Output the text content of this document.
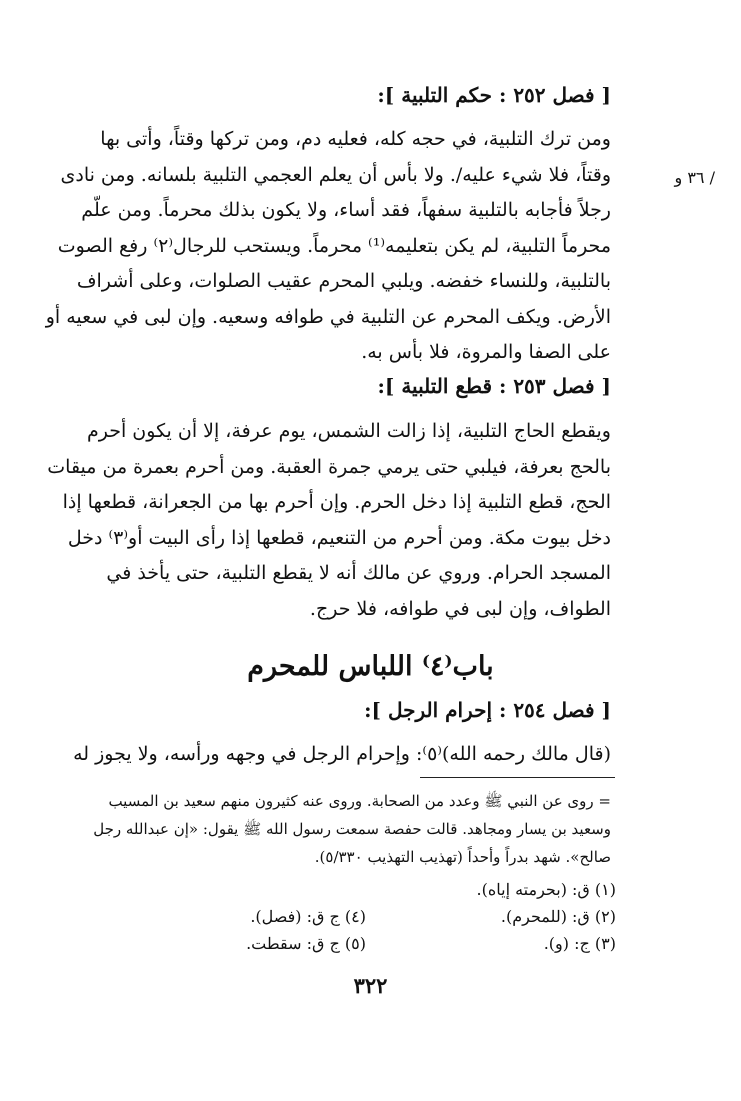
[ فصل ٢٥٢ : حكم التلبية ]:
ومن ترك التلبية، في حجه كله، فعليه دم، ومن تركها وقتاً، وأتى بها
وقتاً، فلا شيء عليه/. ولا بأس أن يعلم العجمي التلبية بلسانه. ومن نادى
رجلاً فأجابه بالتلبية سفهاً، فقد أساء، ولا يكون بذلك محرماً. ومن علّم
محرماً التلبية، لم يكن بتعليمه⁽¹⁾ محرماً. ويستحب للرجال⁽٢⁾ رفع الصوت
بالتلبية، وللنساء خفضه. ويلبي المحرم عقيب الصلوات، وعلى أشراف
الأرض. ويكف المحرم عن التلبية في طوافه وسعيه. وإن لبى في سعيه أو
على الصفا والمروة، فلا بأس به.
/ ٣٦ و
[ فصل ٢٥٣ : قطع التلبية ]:
ويقطع الحاج التلبية، إذا زالت الشمس، يوم عرفة، إلا أن يكون أحرم
بالحج بعرفة، فيلبي حتى يرمي جمرة العقبة. ومن أحرم بعمرة من ميقات
الحج، قطع التلبية إذا دخل الحرم. وإن أحرم بها من الجعرانة، قطعها إذا
دخل بيوت مكة. ومن أحرم من التنعيم، قطعها إذا رأى البيت أو⁽٣⁾ دخل
المسجد الحرام. وروي عن مالك أنه لا يقطع التلبية، حتى يأخذ في
الطواف، وإن لبى في طوافه، فلا حرج.
باب⁽٤⁾ اللباس للمحرم
[ فصل ٢٥٤ : إحرام الرجل ]:
(قال مالك رحمه الله)⁽٥⁾: وإحرام الرجل في وجهه ورأسه، ولا يجوز له
= روى عن النبي ﷺ وعدد من الصحابة. وروى عنه كثيرون منهم سعيد بن المسيب
وسعيد بن يسار ومجاهد. قالت حفصة سمعت رسول الله ﷺ يقول: «إن عبدالله رجل
صالح». شهد بدراً وأحداً (تهذيب التهذيب ٥/٣٣٠).
(١) ق: (بحرمته إياه).
(٢) ق: (للمحرم).
(٤) ج ق: (فصل).
(٣) ج: (و).
(٥) ج ق: سقطت.
٣٢٢
